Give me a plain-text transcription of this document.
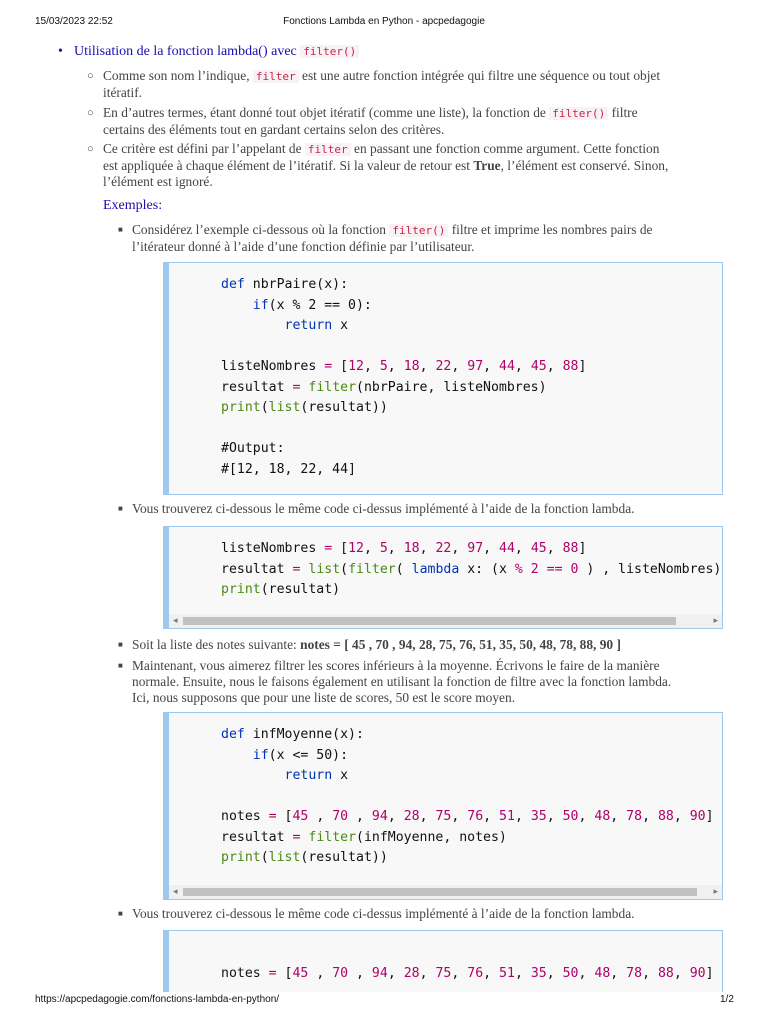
15/03/2023 22:52	Fonctions Lambda en Python - apcpedagogie
• Utilisation de la fonction lambda() avec filter()
○ Comme son nom l’indique, filter est une autre fonction intégrée qui filtre une séquence ou tout objet
itératif.
○ En d’autres termes, étant donné tout objet itératif (comme une liste), la fonction de filter() filtre
certains des éléments tout en gardant certains selon des critères.
○ Ce critère est défini par l’appelant de filter en passant une fonction comme argument. Cette fonction
est appliquée à chaque élément de l’itératif. Si la valeur de retour est True, l’élément est conservé. Sinon,
l’élément est ignoré.
Exemples:
■ Considérez l’exemple ci-dessous où la fonction filter() filtre et imprime les nombres pairs de
l’itérateur donné à l’aide d’une fonction définie par l’utilisateur.
def nbrPaire(x):
if(x % 2 == 0):
return x

listeNombres = [12, 5, 18, 22, 97, 44, 45, 88]
resultat = filter(nbrPaire, listeNombres)
print(list(resultat))

#Output:
#[12, 18, 22, 44]
■ Vous trouverez ci-dessous le même code ci-dessus implémenté à l’aide de la fonction lambda.
listeNombres = [12, 5, 18, 22, 97, 44, 45, 88]
resultat = list(filter( lambda x: (x % 2 == 0 ) , listeNombres)
print(resultat)
◂	▸
■ Soit la liste des notes suivante: notes = [ 45 , 70 , 94, 28, 75, 76, 51, 35, 50, 48, 78, 88, 90 ]
■ Maintenant, vous aimerez filtrer les scores inférieurs à la moyenne. Écrivons le faire de la manière
normale. Ensuite, nous le faisons également en utilisant la fonction de filtre avec la fonction lambda.
Ici, nous supposons que pour une liste de scores, 50 est le score moyen.
def infMoyenne(x):
if(x <= 50):
return x

notes = [45 , 70 , 94, 28, 75, 76, 51, 35, 50, 48, 78, 88, 90]
resultat = filter(infMoyenne, notes)
print(list(resultat))
◂	▸
■ Vous trouverez ci-dessous le même code ci-dessus implémenté à l’aide de la fonction lambda.
notes = [45 , 70 , 94, 28, 75, 76, 51, 35, 50, 48, 78, 88, 90]
https://apcpedagogie.com/fonctions-lambda-en-python/	1/2
